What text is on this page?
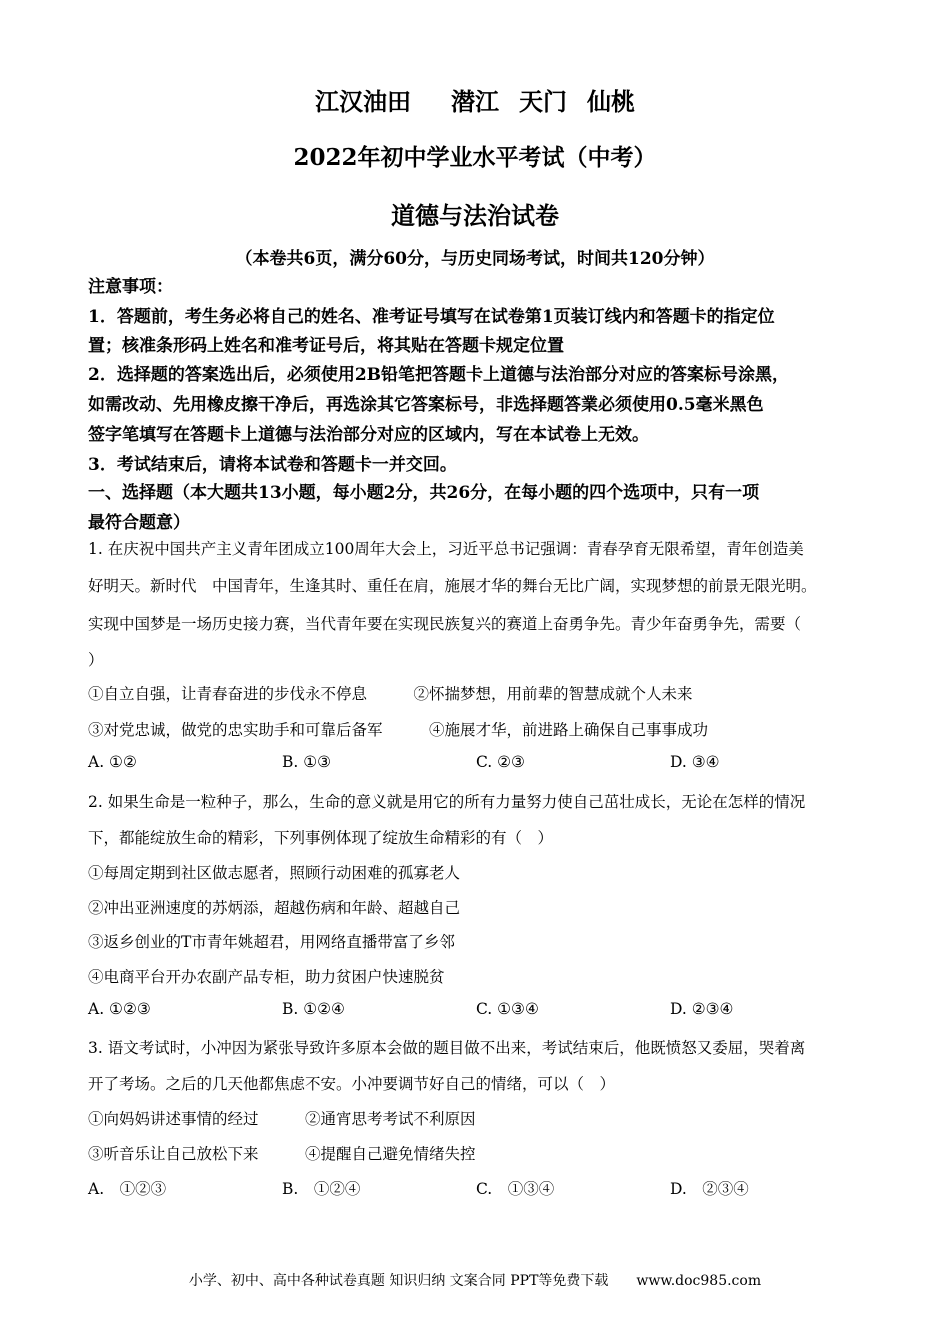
江汉油田 潜江 天门 仙桃
2022年初中学业水平考试（中考）
道德与法治试卷
（本卷共6页，满分60分，与历史同场考试，时间共120分钟）
注意事项：
1．答题前，考生务必将自己的姓名、准考证号填写在试卷第1页装订线内和答题卡的指定位
置；核准条形码上姓名和准考证号后，将其贴在答题卡规定位置
2．选择题的答案选出后，必须使用2B铅笔把答题卡上道德与法治部分对应的答案标号涂黑，
如需改动、先用橡皮擦干净后，再选涂其它答案标号，非选择题答業必须使用0.5毫米黑色
签字笔填写在答题卡上道德与法治部分对应的区域内，写在本试卷上无效。
3．考试结束后，请将本试卷和答题卡一并交回。
一、选择题（本大题共13小题，每小题2分，共26分，在每小题的四个选项中，只有一项
最符合题意）
1. 在庆祝中国共产主义青年团成立100周年大会上，习近平总书记强调：青春孕育无限希望，青年创造美
好明天。新时代　中国青年，生逢其时、重任在肩，施展才华的舞台无比广阔，实现梦想的前景无限光明。
实现中国梦是一场历史接力赛，当代青年要在实现民族复兴的赛道上奋勇争先。青少年奋勇争先，需要（
）
①自立自强，让青春奋进的步伐永不停息　　　②怀揣梦想，用前辈的智慧成就个人未来
③对党忠诚，做党的忠实助手和可靠后备军　　　④施展才华，前进路上确保自己事事成功
A. ①②	B. ①③	C. ②③	D. ③④
2. 如果生命是一粒种子，那么，生命的意义就是用它的所有力量努力使自己茁壮成长，无论在怎样的情况
下，都能绽放生命的精彩，下列事例体现了绽放生命精彩的有（　）
①每周定期到社区做志愿者，照顾行动困难的孤寡老人
②冲出亚洲速度的苏炳添，超越伤病和年龄、超越自己
③返乡创业的T市青年姚超君，用网络直播带富了乡邻
④电商平台开办农副产品专柜，助力贫困户快速脱贫
A. ①②③	B. ①②④	C. ①③④	D. ②③④
3. 语文考试时，小冲因为紧张导致许多原本会做的题目做不出来，考试结束后，他既愤怒又委屈，哭着离
开了考场。之后的几天他都焦虑不安。小冲要调节好自己的情绪，可以（　）
①向妈妈讲述事情的经过　　　②通宵思考考试不利原因
③听音乐让自己放松下来　　　④提醒自己避免情绪失控
A.　①②③	B.　①②④	C.　①③④	D.　②③④
小学、初中、高中各种试卷真题 知识归纳 文案合同 PPT等免费下载　　www.doc985.com
